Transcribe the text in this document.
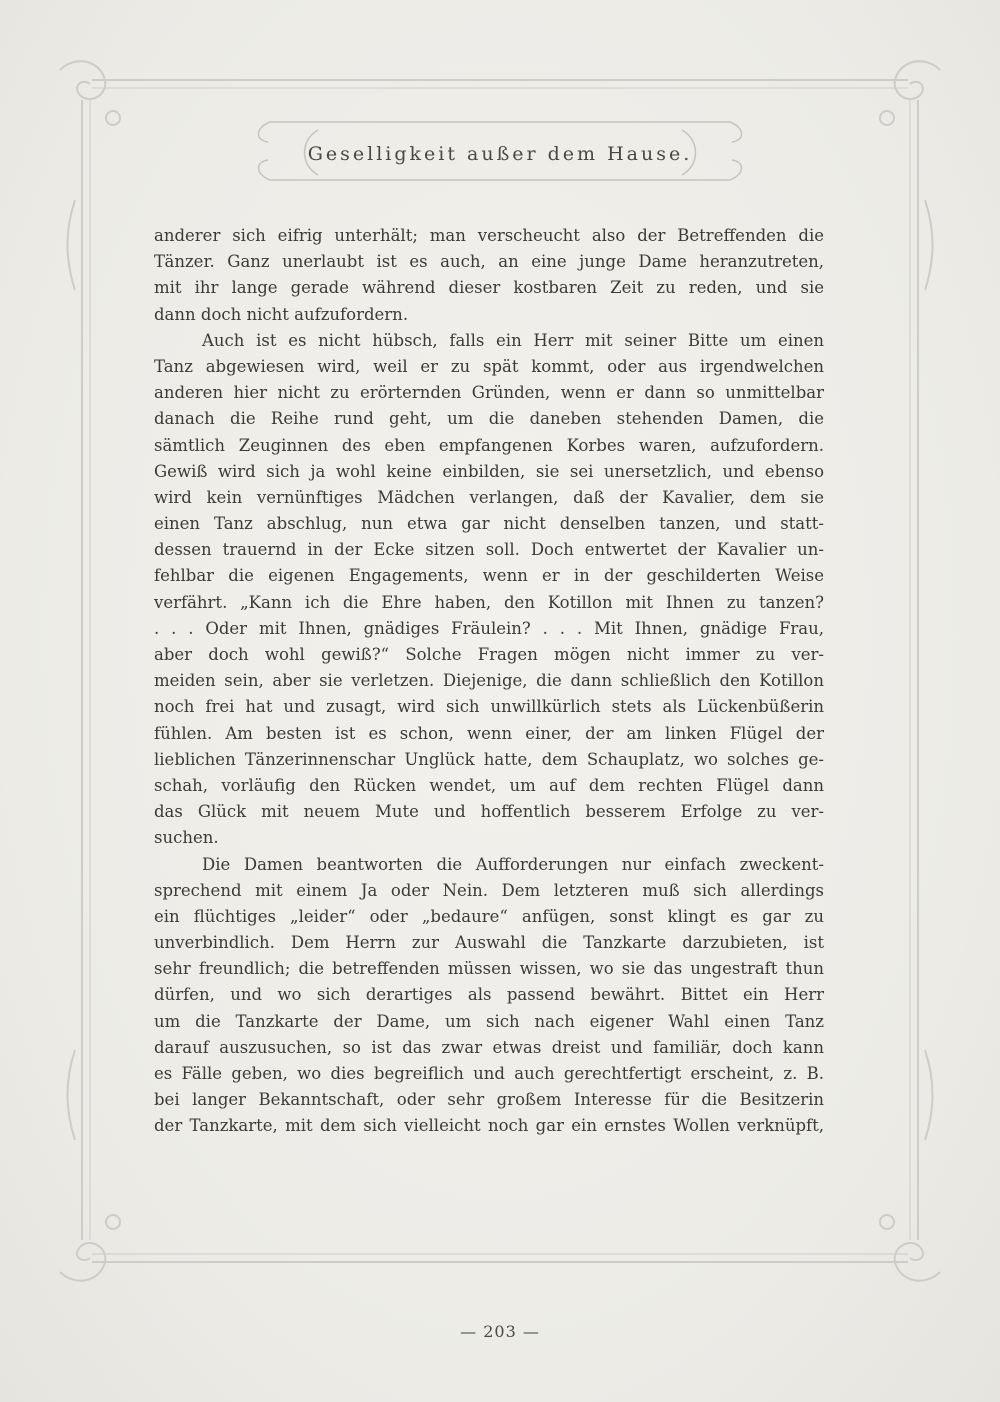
Geselligkeit außer dem Hause.
anderer sich eifrig unterhält; man verscheucht also der Betreffenden die
Tänzer. Ganz unerlaubt ist es auch, an eine junge Dame heranzutreten,
mit ihr lange gerade während dieser kostbaren Zeit zu reden, und sie
dann doch nicht aufzufordern.
Auch ist es nicht hübsch, falls ein Herr mit seiner Bitte um einen
Tanz abgewiesen wird, weil er zu spät kommt, oder aus irgendwelchen
anderen hier nicht zu erörternden Gründen, wenn er dann so unmittelbar
danach die Reihe rund geht, um die daneben stehenden Damen, die
sämtlich Zeuginnen des eben empfangenen Korbes waren, aufzufordern.
Gewiß wird sich ja wohl keine einbilden, sie sei unersetzlich, und ebenso
wird kein vernünftiges Mädchen verlangen, daß der Kavalier, dem sie
einen Tanz abschlug, nun etwa gar nicht denselben tanzen, und statt-
dessen trauernd in der Ecke sitzen soll. Doch entwertet der Kavalier un-
fehlbar die eigenen Engagements, wenn er in der geschilderten Weise
verfährt. „Kann ich die Ehre haben, den Kotillon mit Ihnen zu tanzen?
. . . Oder mit Ihnen, gnädiges Fräulein? . . . Mit Ihnen, gnädige Frau,
aber doch wohl gewiß?“ Solche Fragen mögen nicht immer zu ver-
meiden sein, aber sie verletzen. Diejenige, die dann schließlich den Kotillon
noch frei hat und zusagt, wird sich unwillkürlich stets als Lückenbüßerin
fühlen. Am besten ist es schon, wenn einer, der am linken Flügel der
lieblichen Tänzerinnenschar Unglück hatte, dem Schauplatz, wo solches ge-
schah, vorläufig den Rücken wendet, um auf dem rechten Flügel dann
das Glück mit neuem Mute und hoffentlich besserem Erfolge zu ver-
suchen.
Die Damen beantworten die Aufforderungen nur einfach zweckent-
sprechend mit einem Ja oder Nein. Dem letzteren muß sich allerdings
ein flüchtiges „leider“ oder „bedaure“ anfügen, sonst klingt es gar zu
unverbindlich. Dem Herrn zur Auswahl die Tanzkarte darzubieten, ist
sehr freundlich; die betreffenden müssen wissen, wo sie das ungestraft thun
dürfen, und wo sich derartiges als passend bewährt. Bittet ein Herr
um die Tanzkarte der Dame, um sich nach eigener Wahl einen Tanz
darauf auszusuchen, so ist das zwar etwas dreist und familiär, doch kann
es Fälle geben, wo dies begreiflich und auch gerechtfertigt erscheint, z. B.
bei langer Bekanntschaft, oder sehr großem Interesse für die Besitzerin
der Tanzkarte, mit dem sich vielleicht noch gar ein ernstes Wollen verknüpft,
— 203 —
